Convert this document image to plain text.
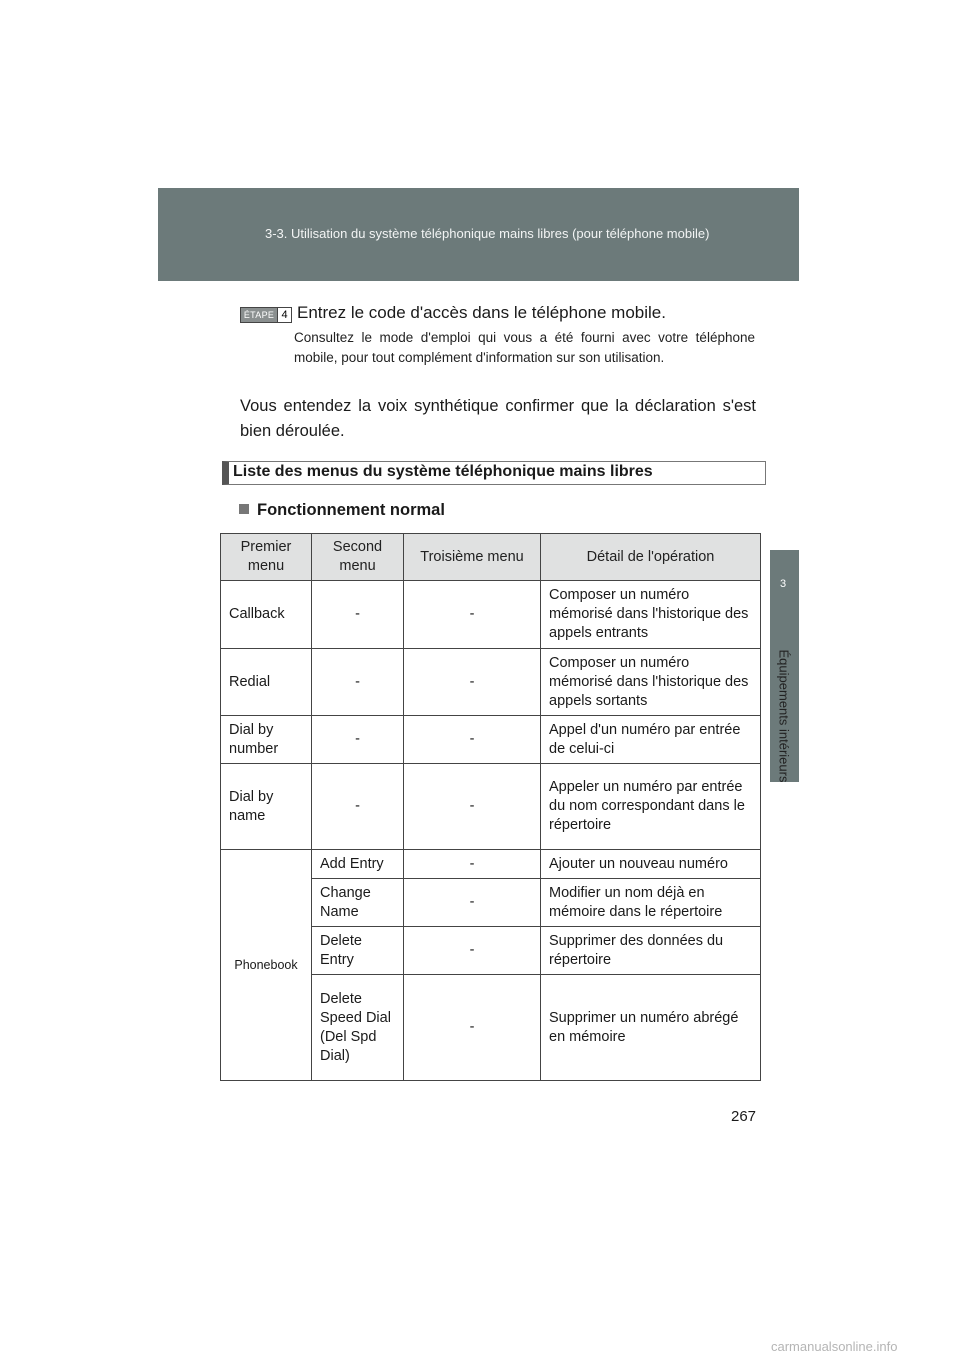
3-3. Utilisation du système téléphonique mains libres (pour téléphone mobile)
3
Équipements intérieurs
ÉTAPE 4 Entrez le code d'accès dans le téléphone mobile.
Consultez le mode d'emploi qui vous a été fourni avec votre téléphone mobile, pour tout complément d'information sur son utilisation.
Vous entendez la voix synthétique confirmer que la déclaration s'est bien déroulée.
Liste des menus du système téléphonique mains libres
Fonctionnement normal
Premier menu	Second menu	Troisième menu	Détail de l'opération
Callback	-	-	Composer un numéro mémorisé dans l'historique des appels entrants
Redial	-	-	Composer un numéro mémorisé dans l'historique des appels sortants
Dial by number	-	-	Appel d'un numéro par entrée de celui-ci
Dial by name	-	-	Appeler un numéro par entrée du nom correspondant dans le répertoire
Phonebook	Add Entry	-	Ajouter un nouveau numéro
	Change Name	-	Modifier un nom déjà en mémoire dans le répertoire
	Delete Entry	-	Supprimer des données du répertoire
	Delete Speed Dial (Del Spd Dial)	-	Supprimer un numéro abrégé en mémoire
267
carmanualsonline.info
